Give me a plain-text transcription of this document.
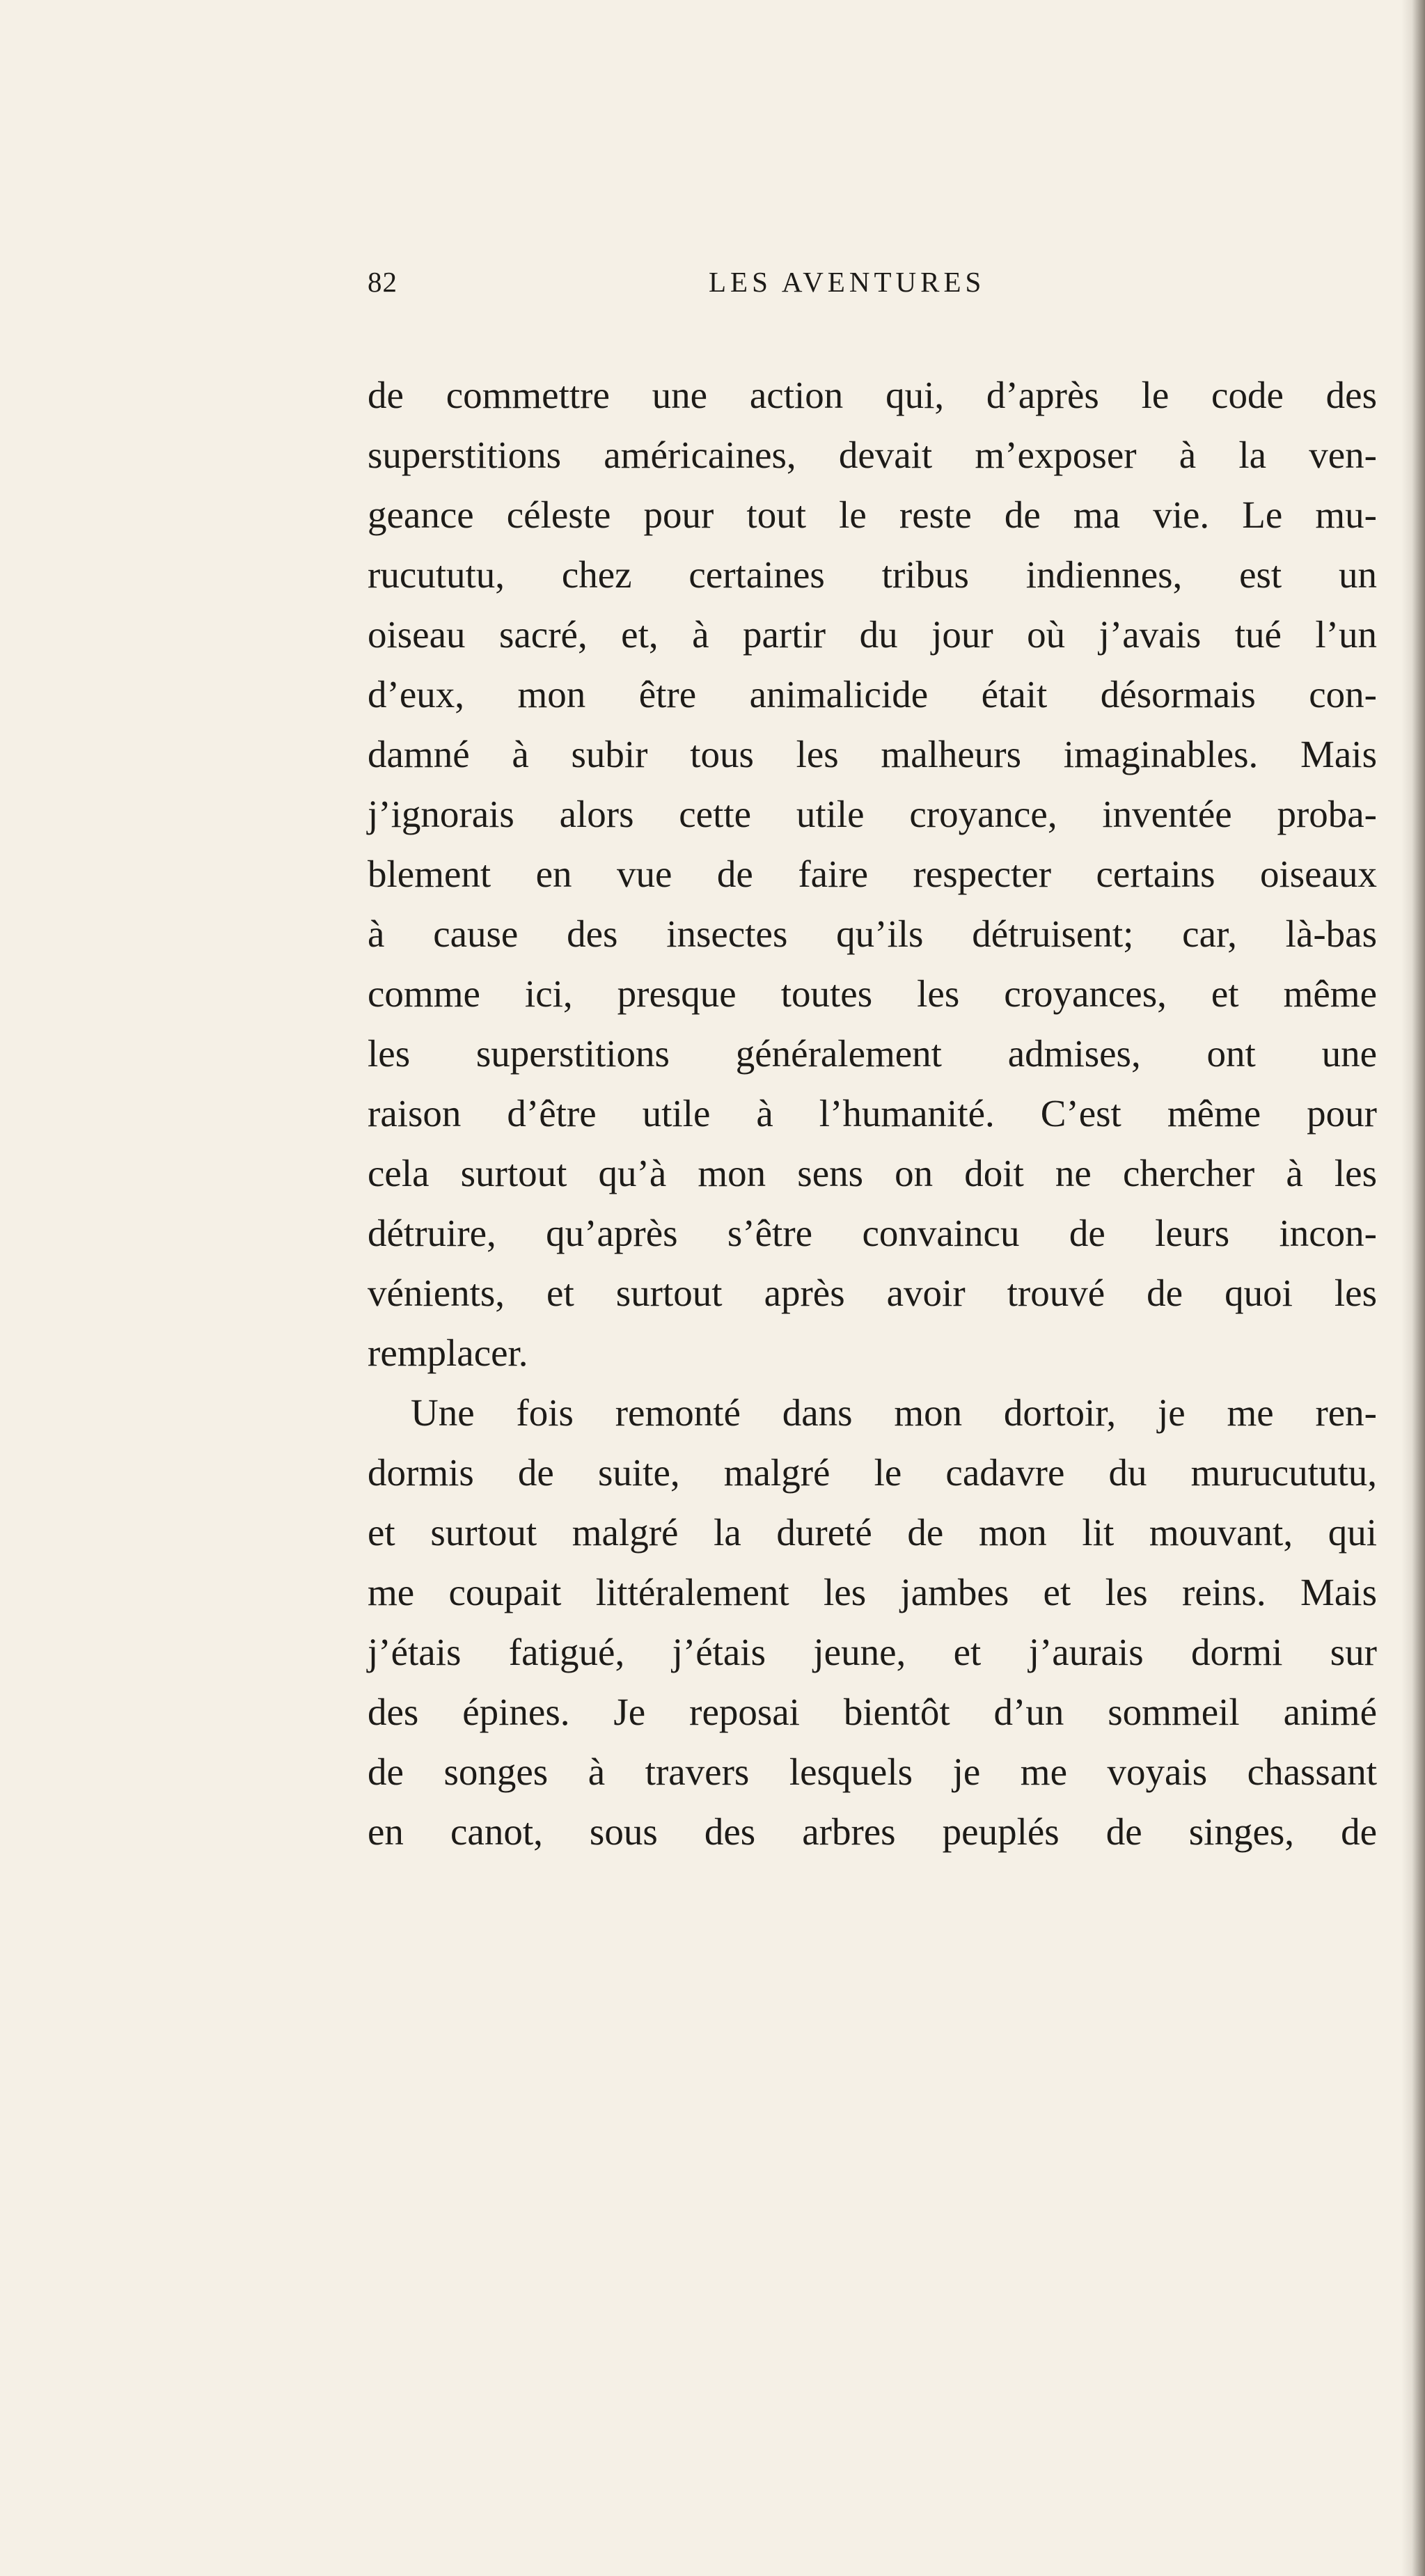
82	LES AVENTURES
de commettre une action qui, d’après le code des
superstitions américaines, devait m’exposer à la ven-
geance céleste pour tout le reste de ma vie. Le mu-
rucututu, chez certaines tribus indiennes, est un
oiseau sacré, et, à partir du jour où j’avais tué l’un
d’eux, mon être animalicide était désormais con-
damné à subir tous les malheurs imaginables. Mais
j’ignorais alors cette utile croyance, inventée proba-
blement en vue de faire respecter certains oiseaux
à cause des insectes qu’ils détruisent; car, là-bas
comme ici, presque toutes les croyances, et même
les superstitions généralement admises, ont une
raison d’être utile à l’humanité. C’est même pour
cela surtout qu’à mon sens on doit ne chercher à les
détruire, qu’après s’être convaincu de leurs incon-
vénients, et surtout après avoir trouvé de quoi les
remplacer.
Une fois remonté dans mon dortoir, je me ren-
dormis de suite, malgré le cadavre du murucututu,
et surtout malgré la dureté de mon lit mouvant, qui
me coupait littéralement les jambes et les reins. Mais
j’étais fatigué, j’étais jeune, et j’aurais dormi sur
des épines. Je reposai bientôt d’un sommeil animé
de songes à travers lesquels je me voyais chassant
en canot, sous des arbres peuplés de singes, de
